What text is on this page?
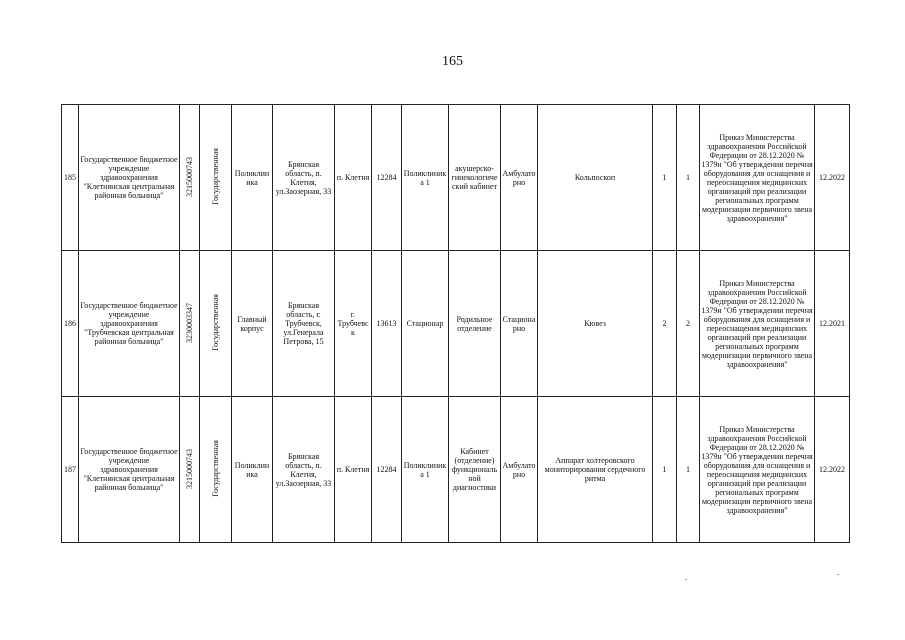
165
185	Государственное бюджетное учреждение здравоохранения "Клетнянская центральная районная больница"	3215000743	Государственная	Поликлиника	Брянская область, п. Клетня, ул.Заозерная, 33	п. Клетня	12284	Поликлиника 1	акушерско-гинекологический кабинет	Амбулаторно	Кольпоскоп	1	1	Приказ Министерства здравоохранения Российской Федерации от 28.12.2020 № 1379н "Об утверждении перечня оборудования для оснащения и переоснащения медицинских организаций при реализации региональных программ модернизации первичного звена здравоохранения"	12.2022
186	Государственное бюджетное учреждение здравоохранения "Трубчевская центральная районная больница"	3230003347	Государственная	Главный корпус	Брянская область, г. Трубчевск, ул.Генерала Петрова, 15	г. Трубчевск	13613	Стационар	Родильное отделение	Стационарно	Кювез	2	2	Приказ Министерства здравоохранения Российской Федерации от 28.12.2020 № 1379н "Об утверждении перечня оборудования для оснащения и переоснащения медицинских организаций при реализации региональных программ модернизации первичного звена здравоохранения"	12.2021
187	Государственное бюджетное учреждение здравоохранения "Клетнянская центральная районная больница"	3215000743	Государственная	Поликлиника	Брянская область, п. Клетня, ул.Заозерная, 33	п. Клетня	12284	Поликлиника 1	Кабинет (отделение) функциональной диагностики	Амбулаторно	Аппарат холтеровского мониторирования сердечного ритма	1	1	Приказ Министерства здравоохранения Российской Федерации от 28.12.2020 № 1379н "Об утверждении перечня оборудования для оснащения и переоснащения медицинских организаций при реализации региональных программ модернизации первичного звена здравоохранения"	12.2022
